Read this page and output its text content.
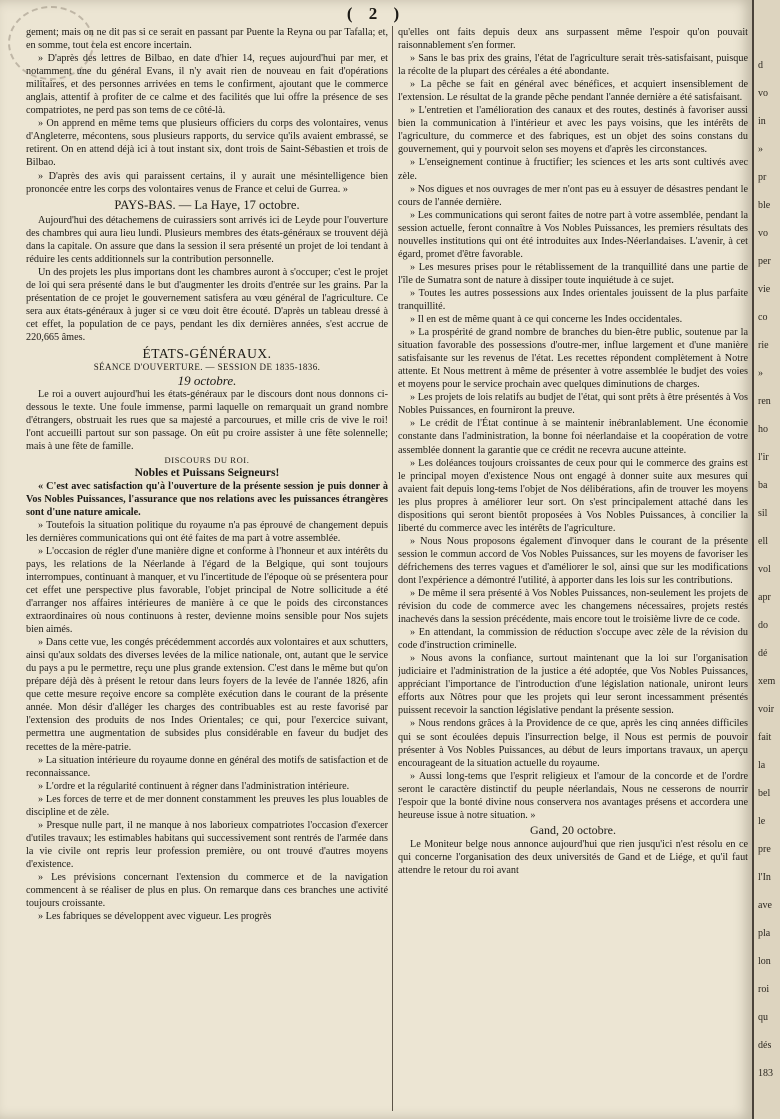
( 2 )

gement; mais on ne dit pas si ce serait en passant par Puente la Reyna ou par Tafalla; et, en somme, tout cela est encore incertain.

» D'après des lettres de Bilbao, en date d'hier 14, reçues aujourd'hui par mer, et notamment une du général Evans, il n'y avait rien de nouveau en fait d'opérations militaires, et des personnes arrivées en tems le confirment, ajoutant que le commerce anglais, attentif à profiter de ce calme et des facilités que lui offre la présence de ses compatriotes, ne perd pas son tems de ce côté-là.

» On apprend en même tems que plusieurs officiers du corps des volontaires, venus d'Angleterre, mécontens, sous plusieurs rapports, du service qu'ils avaient embrassé, se retirent. On en attend déjà ici à tout instant six, dont trois de Saint-Sébastien et trois de Bilbao.

» D'après des avis qui paraissent certains, il y aurait une mésintelligence bien prononcée entre les corps des volontaires venus de France et celui de Gurrea. »

PAYS-BAS. — La Haye, 17 octobre.

Aujourd'hui des détachemens de cuirassiers sont arrivés ici de Leyde pour l'ouverture des chambres qui aura lieu lundi. Plusieurs membres des états-généraux se trouvent déjà dans la capitale. On assure que dans la session il sera présenté un projet de loi tendant à réduire les cents additionnels sur la contribution personnelle.

Un des projets les plus importans dont les chambres auront à s'occuper; c'est le projet de loi qui sera présenté dans le but d'augmenter les droits d'entrée sur les grains. Par la présentation de ce projet le gouvernement satisfera au vœu général de l'agriculture. Ce sera aux états-généraux à juger si ce vœu doit être écouté. D'après un tableau dressé à cet effet, la population de ce pays, pendant les dix dernières années, s'est accrue de 220,665 âmes.

ÉTATS-GÉNÉRAUX.
SÉANCE D'OUVERTURE. — SESSION DE 1835-1836.
19 octobre.

Le roi a ouvert aujourd'hui les états-généraux par le discours dont nous donnons ci-dessous le texte. Une foule immense, parmi laquelle on remarquait un grand nombre d'étrangers, obstruait les rues que sa majesté a parcourues, et mille cris de vive le roi! l'ont accueilli partout sur son passage. On eût pu croire assister à une fête solennelle; mais à une fête de famille.

DISCOURS DU ROI.
Nobles et Puissans Seigneurs!

« C'est avec satisfaction qu'à l'ouverture de la présente session je puis donner à Vos Nobles Puissances, l'assurance que nos relations avec les puissances étrangères sont d'une nature amicale.

» Toutefois la situation politique du royaume n'a pas éprouvé de changement depuis les dernières communications qui ont été faites de ma part à votre assemblée.

» L'occasion de régler d'une manière digne et conforme à l'honneur et aux intérêts du pays, les relations de la Néerlande à l'égard de la Belgique, qui sont toujours interrompues, continuant à manquer, et vu l'incertitude de l'époque où se présentera pour cet effet une perspective plus favorable, l'objet principal de Notre sollicitude a été d'arranger nos affaires intérieures de manière à ce que le poids des circonstances extraordinaires où nous continuons à rester, devienne moins sensible pour Nos sujets bien aimés.

» Dans cette vue, les congés précédemment accordés aux volontaires et aux schutters, ainsi qu'aux soldats des diverses levées de la milice nationale, ont, autant que le service du pays a pu le permettre, reçu une plus grande extension. C'est dans le même but qu'on prépare déjà dès à présent le retour dans leurs foyers de la levée de l'année 1826, afin que cette mesure reçoive encore sa complète exécution dans le courant de la présente année. Mon désir d'alléger les charges des contribuables est au reste favorisé par l'extension des produits de nos Indes Orientales; ce qui, pour l'exercice suivant, permettra une augmentation de subsides plus considérable en faveur du budjet des recettes de la mère-patrie.

» La situation intérieure du royaume donne en général des motifs de satisfaction et de reconnaissance.

» L'ordre et la régularité continuent à régner dans l'administration intérieure.

» Les forces de terre et de mer donnent constamment les preuves les plus louables de discipline et de zèle.

» Presque nulle part, il ne manque à nos laborieux compatriotes l'occasion d'exercer d'utiles travaux; les estimables habitans qui successivement sont rentrés de l'armée dans la vie civile ont repris leur profession première, ou ont trouvé d'autres moyens d'existence.

» Les prévisions concernant l'extension du commerce et de la navigation commencent à se réaliser de plus en plus. On remarque dans ces branches une activité toujours croissante.

» Les fabriques se développent avec vigueur. Les progrès

qu'elles ont faits depuis deux ans surpassent même l'espoir qu'on pouvait raisonnablement s'en former.

» Sans le bas prix des grains, l'état de l'agriculture serait très-satisfaisant, puisque la récolte de la plupart des céréales a été abondante.

» La pêche se fait en général avec bénéfices, et acquiert insensiblement de l'extension. Le résultat de la grande pêche pendant l'année dernière a été satisfaisant.

» L'entretien et l'amélioration des canaux et des routes, destinés à favoriser aussi bien la communication à l'intérieur et avec les pays voisins, que les intérêts de l'agriculture, du commerce et des fabriques, est un objet des soins constans du gouvernement, qui y pourvoit selon ses moyens et d'après les circonstances.

» L'enseignement continue à fructifier; les sciences et les arts sont cultivés avec zèle.

» Nos digues et nos ouvrages de mer n'ont pas eu à essuyer de désastres pendant le cours de l'année dernière.

» Les communications qui seront faites de notre part à votre assemblée, pendant la session actuelle, feront connaître à Vos Nobles Puissances, les premiers résultats des nouvelles institutions qui ont été introduites aux Indes-Néerlandaises. L'avenir, à cet égard, promet d'être favorable.

» Les mesures prises pour le rétablissement de la tranquillité dans une partie de l'île de Sumatra sont de nature à dissiper toute inquiétude à ce sujet.

» Toutes les autres possessions aux Indes orientales jouissent de la plus parfaite tranquillité.

» Il en est de même quant à ce qui concerne les Indes occidentales.

» La prospérité de grand nombre de branches du bien-être public, soutenue par la situation favorable des possessions d'outre-mer, influe largement et d'une manière satisfaisante sur les revenus de l'état. Les recettes répondent complètement à Notre attente. Et Nous mettrent à même de présenter à votre assemblée le budjet des voies et moyens pour le service prochain avec quelques diminutions de charges.

» Les projets de lois relatifs au budjet de l'état, qui sont prêts à être présentés à Vos Nobles Puissances, en fourniront la preuve.

» Le crédit de l'État continue à se maintenir inébranlablement. Une économie constante dans l'administration, la bonne foi néerlandaise et la coopération de votre assemblée donnent la garantie que ce crédit ne recevra aucune atteinte.

» Les doléances toujours croissantes de ceux pour qui le commerce des grains est le principal moyen d'existence Nous ont engagé à donner suite aux mesures qui avaient fait depuis long-tems l'objet de Nos délibérations, afin de trouver les moyens les plus propres à améliorer leur sort. On s'est principalement attaché dans les dispositions qui seront bientôt proposées à Vos Nobles Puissances, à concilier la liberté du commerce avec les intérêts de l'agriculture.

» Nous Nous proposons également d'invoquer dans le courant de la présente session le commun accord de Vos Nobles Puissances, sur les moyens de favoriser les défrichemens des terres vagues et d'améliorer le sol, ainsi que sur les modifications dont l'expérience a démontré l'utilité, à apporter dans les lois sur les contributions.

» De même il sera présenté à Vos Nobles Puissances, non-seulement les projets de révision du code de commerce avec les changemens nécessaires, projets restés inachevés dans la session précédente, mais encore tout le troisième livre de ce code.

» En attendant, la commission de réduction s'occupe avec zèle de la révision du code d'instruction criminelle.

» Nous avons la confiance, surtout maintenant que la loi sur l'organisation judiciaire et l'administration de la justice a été adoptée, que Vos Nobles Puissances, appréciant l'importance de l'introduction d'une législation nationale, uniront leurs efforts aux Nôtres pour que les projets qui leur seront incessamment présentés puissent recevoir la sanction législative pendant la présente session.

» Nous rendons grâces à la Providence de ce que, après les cinq années difficiles qui se sont écoulées depuis l'insurrection belge, il Nous est permis de pouvoir présenter à Vos Nobles Puissances, au début de leurs importans travaux, un aperçu encourageant de la situation actuelle du royaume.

» Aussi long-tems que l'esprit religieux et l'amour de la concorde et de l'ordre seront le caractère distinctif du peuple néerlandais, Nous ne cesserons de nourrir l'espoir que la bonté divine nous conservera nos avantages présens et accordera une heureuse issue à notre situation. »

Gand, 20 octobre.

Le Moniteur belge nous annonce aujourd'hui que rien jusqu'ici n'est résolu en ce qui concerne l'organisation des deux universités de Gand et de Liége, et qu'il faut attendre le retour du roi avant

d
vo
in
»
pr
ble
vo
per
vie
co
rie
»
ren
ho
l'ir
ba
sil
ell
vol
apr
do
dé
xem
voir
fait
la
bel
le
pre
l'In
ave
pla
lon
roi
qu
dés
183
